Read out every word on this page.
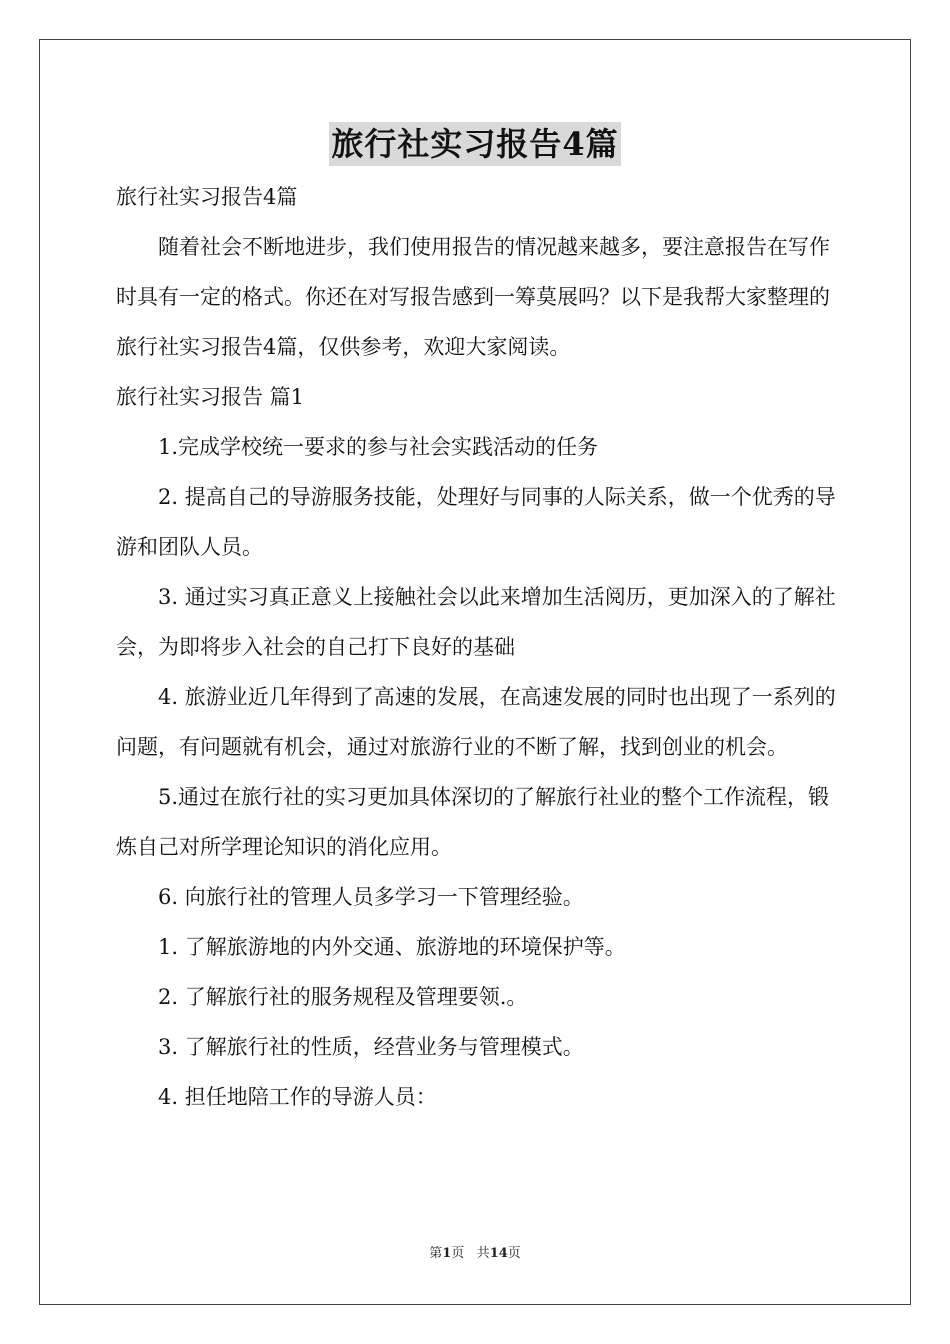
旅行社实习报告4篇

旅行社实习报告4篇

随着社会不断地进步，我们使用报告的情况越来越多，要注意报告在写作时具有一定的格式。你还在对写报告感到一筹莫展吗？以下是我帮大家整理的旅行社实习报告4篇，仅供参考，欢迎大家阅读。

旅行社实习报告 篇1

1.完成学校统一要求的参与社会实践活动的任务

2. 提高自己的导游服务技能，处理好与同事的人际关系，做一个优秀的导游和团队人员。

3. 通过实习真正意义上接触社会以此来增加生活阅历，更加深入的了解社会，为即将步入社会的自己打下良好的基础

4. 旅游业近几年得到了高速的发展，在高速发展的同时也出现了一系列的问题，有问题就有机会，通过对旅游行业的不断了解，找到创业的机会。

5.通过在旅行社的实习更加具体深切的了解旅行社业的整个工作流程，锻炼自己对所学理论知识的消化应用。

6. 向旅行社的管理人员多学习一下管理经验。

1. 了解旅游地的内外交通、旅游地的环境保护等。

2. 了解旅行社的服务规程及管理要领.。

3. 了解旅行社的性质，经营业务与管理模式。

4. 担任地陪工作的导游人员：

第1页 共14页
